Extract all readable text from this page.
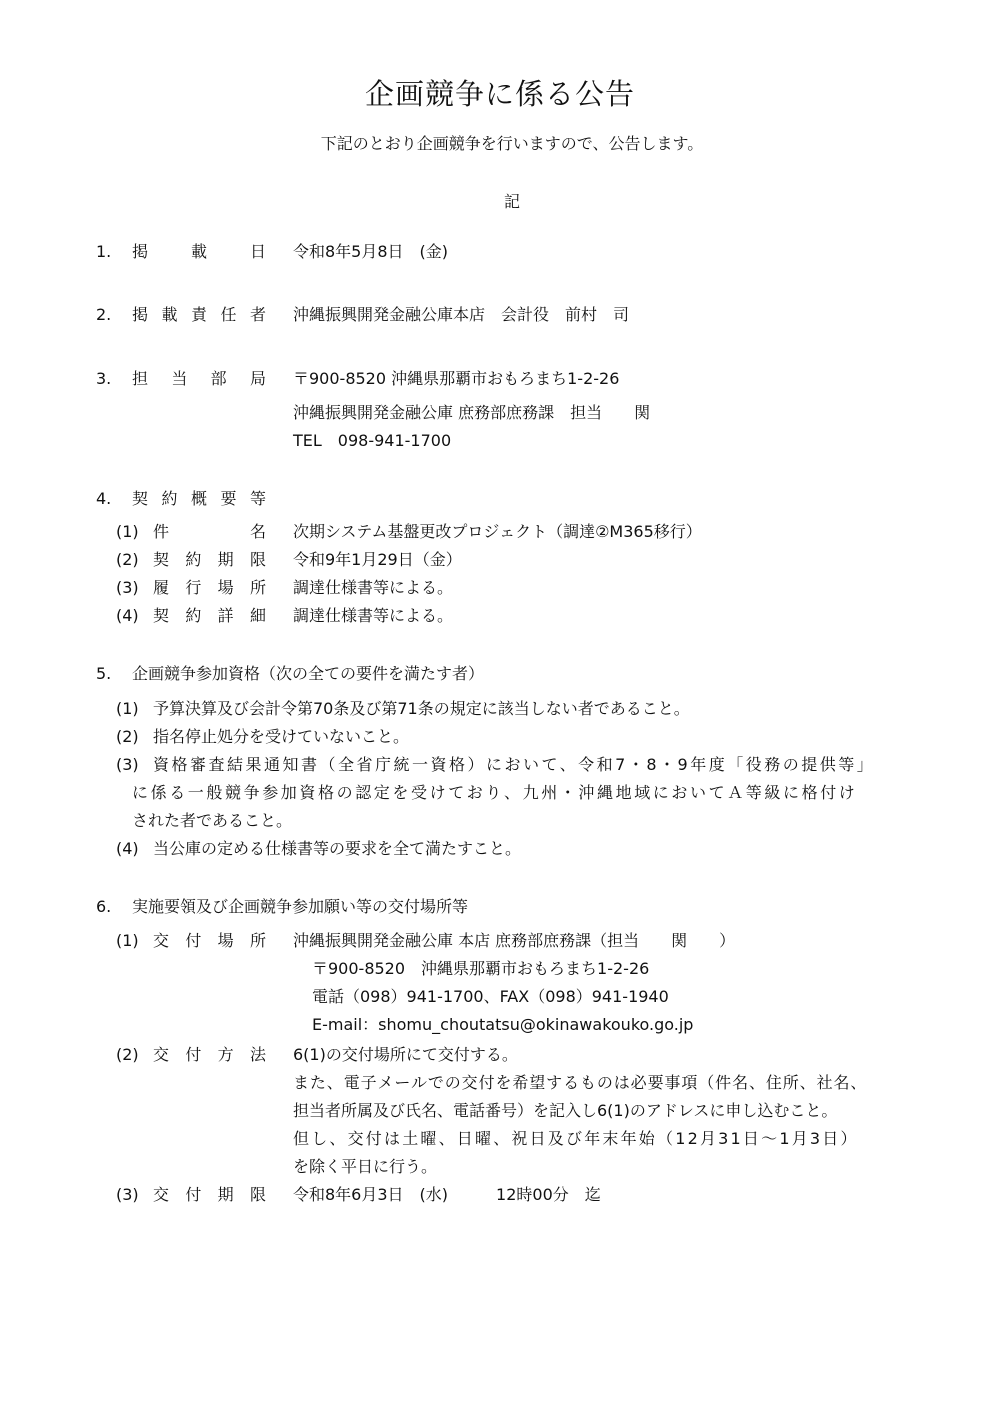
企画競争に係る公告
下記のとおり企画競争を行いますので、公告します。
記
1. 掲	載	日 令和8年5月8日　(金)
2. 掲 載 責 任 者 沖縄振興開発金融公庫本店　会計役　前村　司
3. 担 当 部 局 〒900-8520 沖縄県那覇市おもろまち1-2-26
沖縄振興開発金融公庫 庶務部庶務課　担当　　関
TEL　098-941-1700
4. 契 約 概 要 等
(1) 件	名 次期システム基盤更改プロジェクト（調達②M365移行）
(2) 契 約 期 限 令和9年1月29日（金）
(3) 履 行 場 所 調達仕様書等による。
(4) 契 約 詳 細 調達仕様書等による。
5. 企画競争参加資格（次の全ての要件を満たす者）
(1) 予算決算及び会計令第70条及び第71条の規定に該当しない者であること。
(2) 指名停止処分を受けていないこと。
(3) 資格審査結果通知書（全省庁統一資格）において、令和7・8・9年度「役務の提供等」
に係る一般競争参加資格の認定を受けており、九州・沖縄地域においてＡ等級に格付け
された者であること。
(4) 当公庫の定める仕様書等の要求を全て満たすこと。
6. 実施要領及び企画競争参加願い等の交付場所等
(1) 交 付 場 所 沖縄振興開発金融公庫 本店 庶務部庶務課（担当　　関　　）
〒900-8520　沖縄県那覇市おもろまち1-2-26
電話（098）941-1700、FAX（098）941-1940
E-mail：shomu_choutatsu@okinawakouko.go.jp
(2) 交 付 方 法 6(1)の交付場所にて交付する。
また、電子メールでの交付を希望するものは必要事項（件名、住所、社名、
担当者所属及び氏名、電話番号）を記入し6(1)のアドレスに申し込むこと。
但し、交付は土曜、日曜、祝日及び年末年始（12月31日～1月3日）
を除く平日に行う。
(3) 交 付 期 限 令和8年6月3日　(水)　　　12時00分　迄
